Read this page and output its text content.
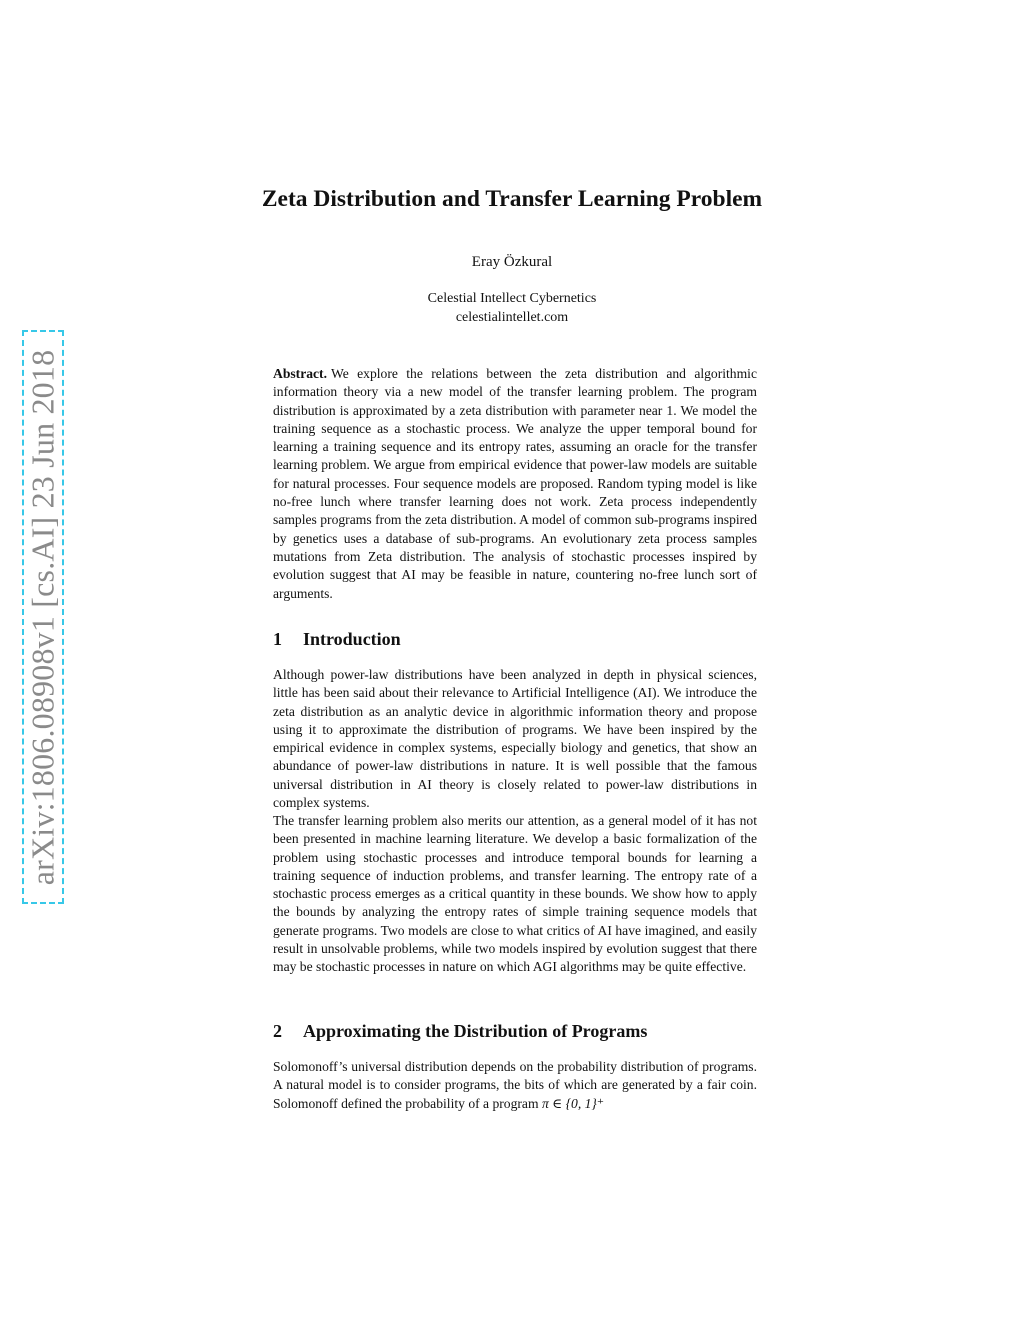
arXiv:1806.08908v1 [cs.AI] 23 Jun 2018
Zeta Distribution and Transfer Learning Problem
Eray Özkural
Celestial Intellect Cybernetics
celestialintellet.com

Abstract. We explore the relations between the zeta distribution and algorithmic information theory via a new model of the transfer learning problem. The program distribution is approximated by a zeta distribution with parameter near 1. We model the training sequence as a stochastic process. We analyze the upper temporal bound for learning a training sequence and its entropy rates, assuming an oracle for the transfer learning problem. We argue from empirical evidence that power-law models are suitable for natural processes. Four sequence models are proposed. Random typing model is like no-free lunch where transfer learning does not work. Zeta process independently samples programs from the zeta distribution. A model of common sub-programs inspired by genetics uses a database of sub-programs. An evolutionary zeta process samples mutations from Zeta distribution. The analysis of stochastic processes inspired by evolution suggest that AI may be feasible in nature, countering no-free lunch sort of arguments.

1 Introduction

Although power-law distributions have been analyzed in depth in physical sciences, little has been said about their relevance to Artificial Intelligence (AI). We introduce the zeta distribution as an analytic device in algorithmic information theory and propose using it to approximate the distribution of programs. We have been inspired by the empirical evidence in complex systems, especially biology and genetics, that show an abundance of power-law distributions in nature. It is well possible that the famous universal distribution in AI theory is closely related to power-law distributions in complex systems.

The transfer learning problem also merits our attention, as a general model of it has not been presented in machine learning literature. We develop a basic formalization of the problem using stochastic processes and introduce temporal bounds for learning a training sequence of induction problems, and transfer learning. The entropy rate of a stochastic process emerges as a critical quantity in these bounds. We show how to apply the bounds by analyzing the entropy rates of simple training sequence models that generate programs. Two models are close to what critics of AI have imagined, and easily result in unsolvable problems, while two models inspired by evolution suggest that there may be stochastic processes in nature on which AGI algorithms may be quite effective.

2 Approximating the Distribution of Programs

Solomonoff’s universal distribution depends on the probability distribution of programs. A natural model is to consider programs, the bits of which are generated by a fair coin. Solomonoff defined the probability of a program π ∈ {0, 1}⁺
